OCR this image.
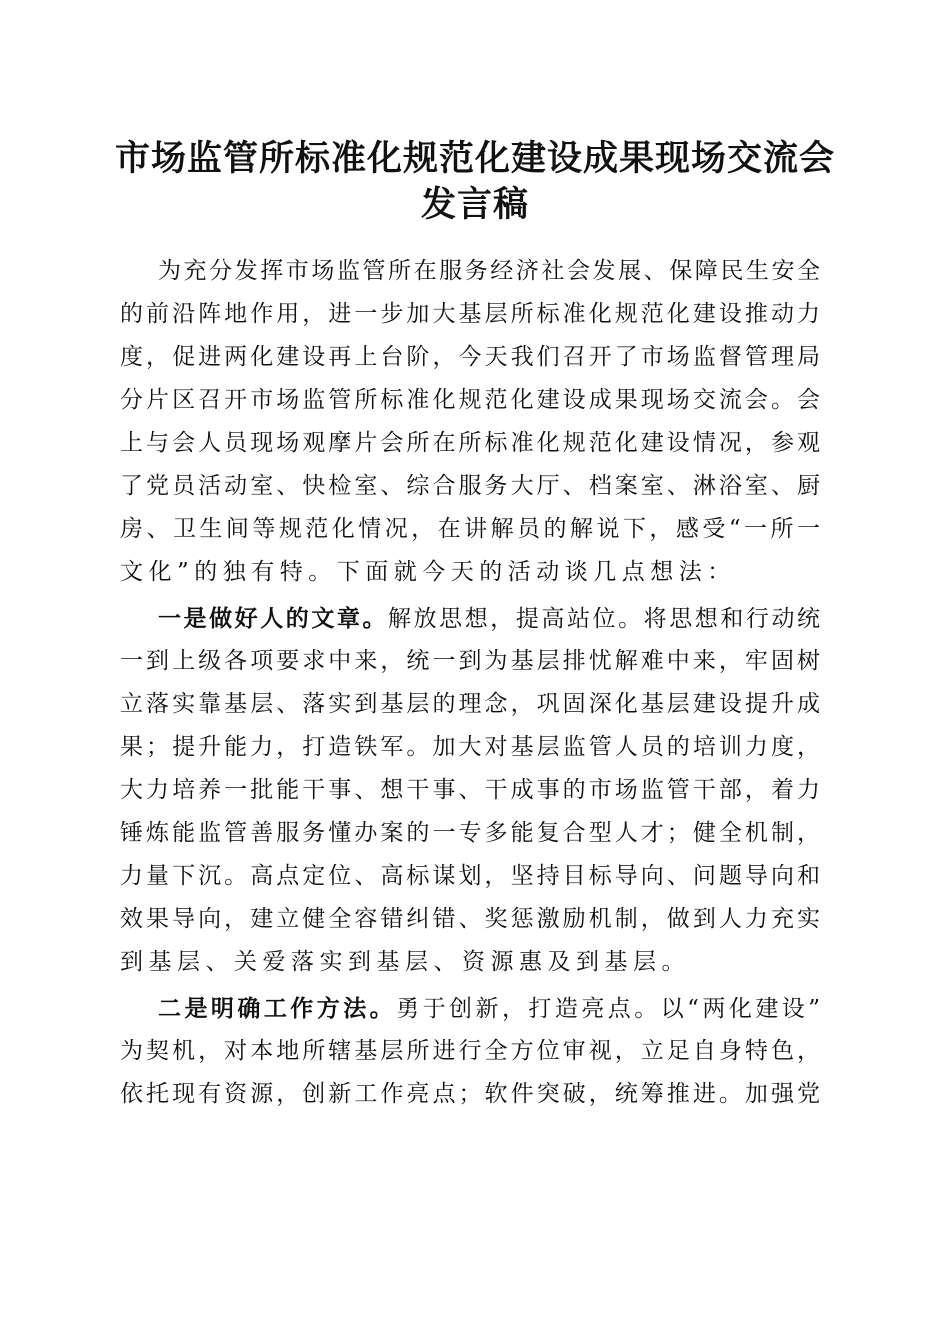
市场监管所标准化规范化建设成果现场交流会
发言稿
为充分发挥市场监管所在服务经济社会发展、保障民生安全
的前沿阵地作用，进一步加大基层所标准化规范化建设推动力
度，促进两化建设再上台阶，今天我们召开了市场监督管理局
分片区召开市场监管所标准化规范化建设成果现场交流会。会
上与会人员现场观摩片会所在所标准化规范化建设情况，参观
了党员活动室、快检室、综合服务大厅、档案室、淋浴室、厨
房、卫生间等规范化情况，在讲解员的解说下，感受“一所一
文化”的独有特。下面就今天的活动谈几点想法：
一是做好人的文章。解放思想，提高站位。将思想和行动统
一到上级各项要求中来，统一到为基层排忧解难中来，牢固树
立落实靠基层、落实到基层的理念，巩固深化基层建设提升成
果；提升能力，打造铁军。加大对基层监管人员的培训力度，
大力培养一批能干事、想干事、干成事的市场监管干部，着力
锤炼能监管善服务懂办案的一专多能复合型人才；健全机制，
力量下沉。高点定位、高标谋划，坚持目标导向、问题导向和
效果导向，建立健全容错纠错、奖惩激励机制，做到人力充实
到基层、关爱落实到基层、资源惠及到基层。
二是明确工作方法。勇于创新，打造亮点。以“两化建设”
为契机，对本地所辖基层所进行全方位审视，立足自身特色，
依托现有资源，创新工作亮点；软件突破，统筹推进。加强党
